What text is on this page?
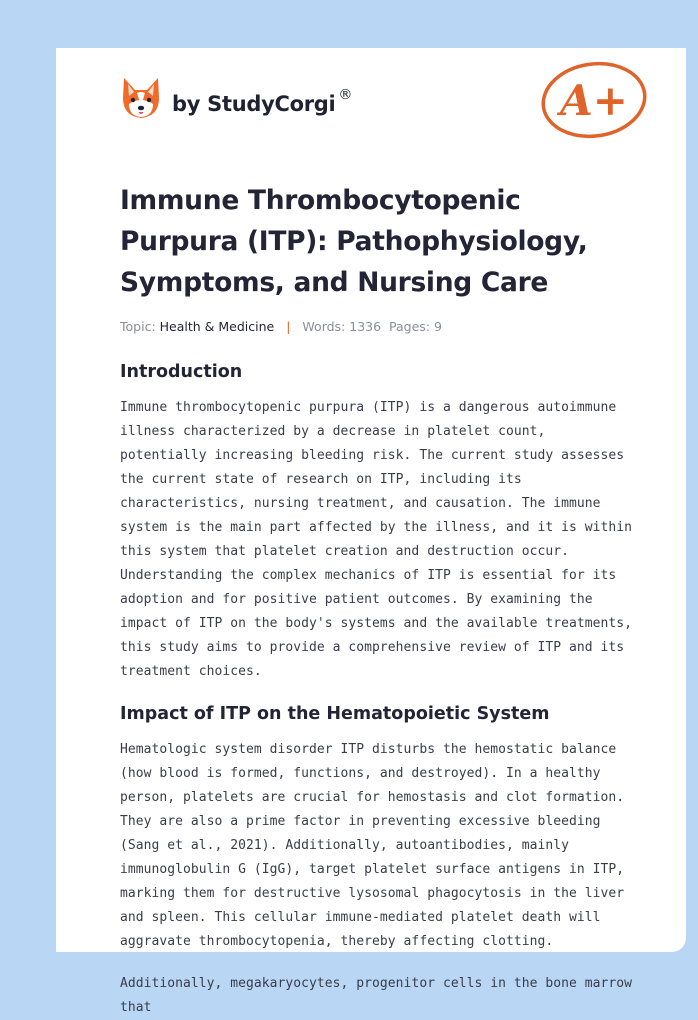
by StudyCorgi ®	A+
Immune Thrombocytopenic Purpura (ITP): Pathophysiology, Symptoms, and Nursing Care
Topic: Health & Medicine | Words: 1336 Pages: 9
Introduction

Immune thrombocytopenic purpura (ITP) is a dangerous autoimmune illness characterized by a decrease in platelet count, potentially increasing bleeding risk. The current study assesses the current state of research on ITP, including its characteristics, nursing treatment, and causation. The immune system is the main part affected by the illness, and it is within this system that platelet creation and destruction occur. Understanding the complex mechanics of ITP is essential for its adoption and for positive patient outcomes. By examining the impact of ITP on the body's systems and the available treatments, this study aims to provide a comprehensive review of ITP and its treatment choices.

Impact of ITP on the Hematopoietic System

Hematologic system disorder ITP disturbs the hemostatic balance (how blood is formed, functions, and destroyed). In a healthy person, platelets are crucial for hemostasis and clot formation. They are also a prime factor in preventing excessive bleeding (Sang et al., 2021). Additionally, autoantibodies, mainly immunoglobulin G (IgG), target platelet surface antigens in ITP, marking them for destructive lysosomal phagocytosis in the liver and spleen. This cellular immune-mediated platelet death will aggravate thrombocytopenia, thereby affecting clotting.

Additionally, megakaryocytes, progenitor cells in the bone marrow that
